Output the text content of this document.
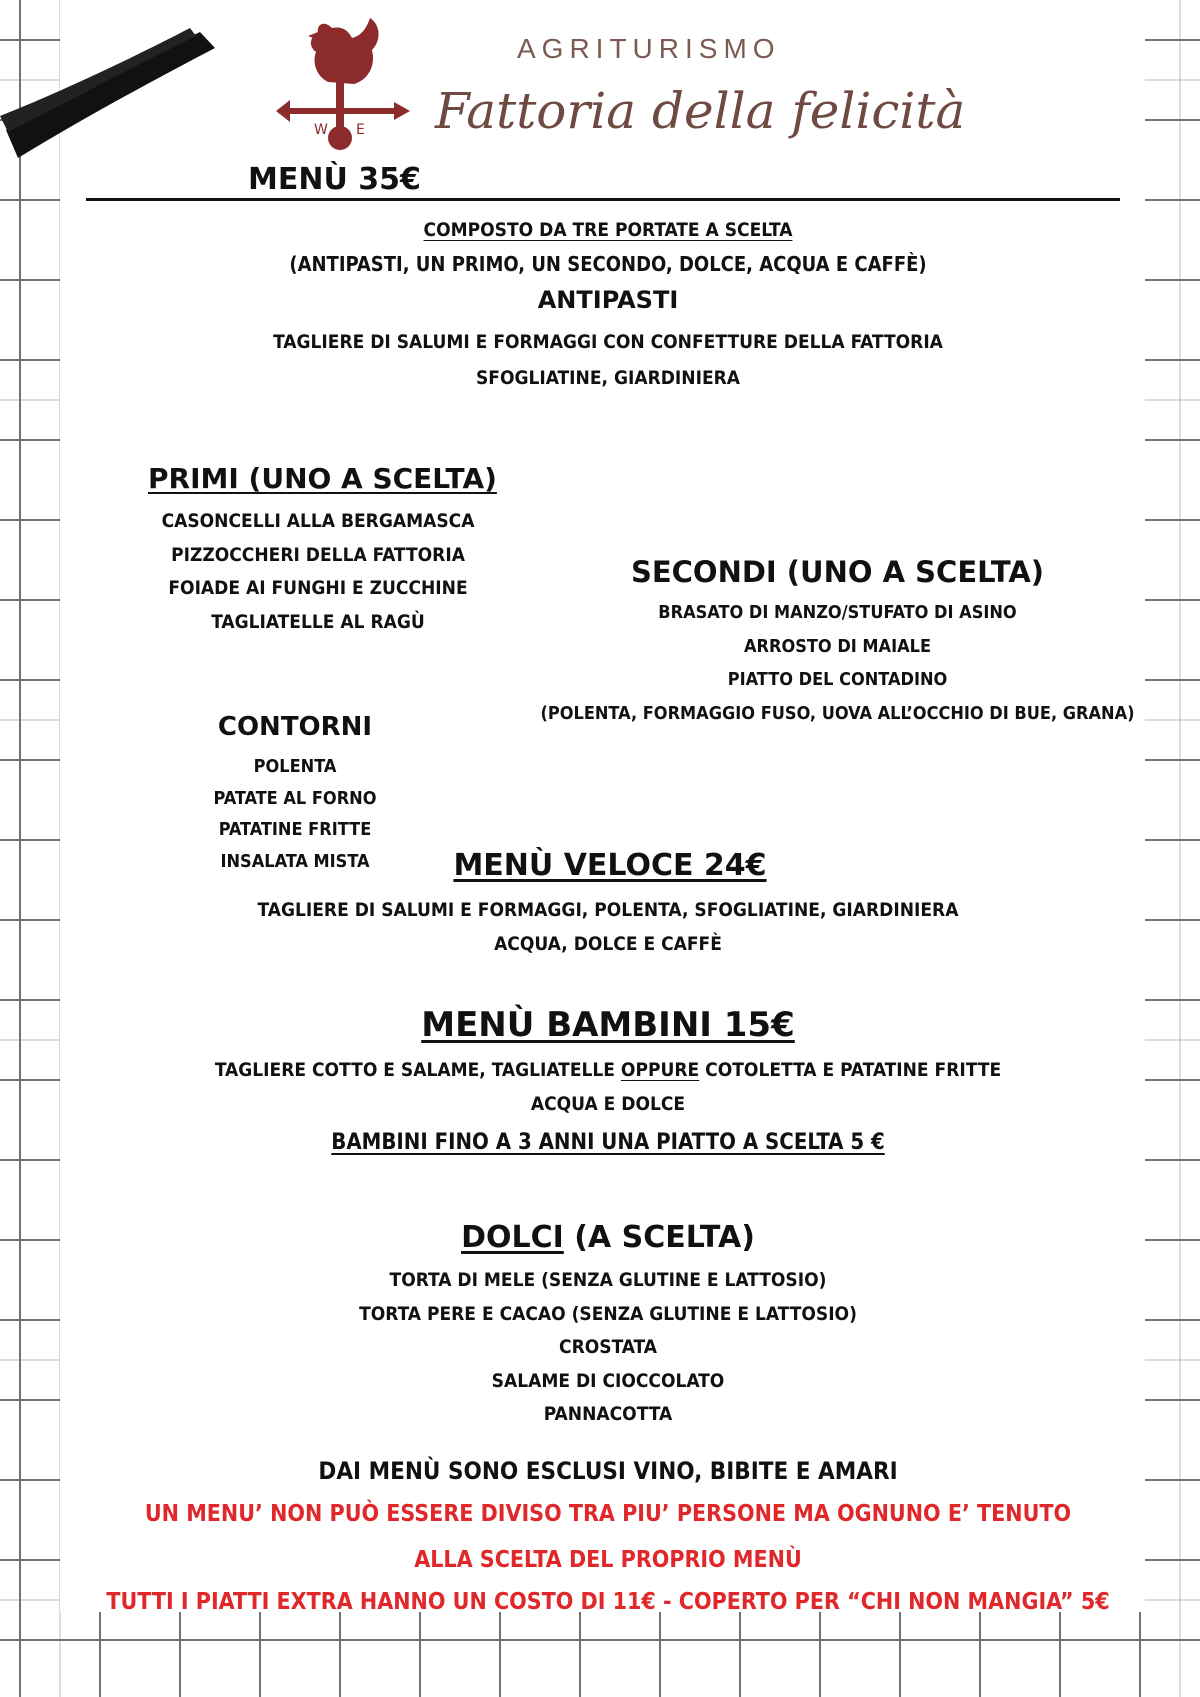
W E
AGRITURISMO
Fattoria della felicità
MENÙ 35€
COMPOSTO DA TRE PORTATE A SCELTA
(ANTIPASTI, UN PRIMO, UN SECONDO, DOLCE, ACQUA E CAFFÈ)
ANTIPASTI
TAGLIERE DI SALUMI E FORMAGGI CON CONFETTURE DELLA FATTORIA
SFOGLIATINE, GIARDINIERA
PRIMI (UNO A SCELTA)
CASONCELLI ALLA BERGAMASCA
PIZZOCCHERI DELLA FATTORIA
FOIADE AI FUNGHI E ZUCCHINE
TAGLIATELLE AL RAGÙ
SECONDI (UNO A SCELTA)
BRASATO DI MANZO/STUFATO DI ASINO
ARROSTO DI MAIALE
PIATTO DEL CONTADINO
(POLENTA, FORMAGGIO FUSO, UOVA ALL’OCCHIO DI BUE, GRANA)
CONTORNI
POLENTA
PATATE AL FORNO
PATATINE FRITTE
INSALATA MISTA	MENÙ VELOCE 24€
TAGLIERE DI SALUMI E FORMAGGI, POLENTA, SFOGLIATINE, GIARDINIERA
ACQUA, DOLCE E CAFFÈ
MENÙ BAMBINI 15€
TAGLIERE COTTO E SALAME, TAGLIATELLE OPPURE COTOLETTA E PATATINE FRITTE
ACQUA E DOLCE
BAMBINI FINO A 3 ANNI UNA PIATTO A SCELTA 5 €
DOLCI (A SCELTA)
TORTA DI MELE (SENZA GLUTINE E LATTOSIO)
TORTA PERE E CACAO (SENZA GLUTINE E LATTOSIO)
CROSTATA
SALAME DI CIOCCOLATO
PANNACOTTA
DAI MENÙ SONO ESCLUSI VINO, BIBITE E AMARI
UN MENU’ NON PUÒ ESSERE DIVISO TRA PIU’ PERSONE MA OGNUNO E’ TENUTO
ALLA SCELTA DEL PROPRIO MENÙ
TUTTI I PIATTI EXTRA HANNO UN COSTO DI 11€ - COPERTO PER “CHI NON MANGIA” 5€
